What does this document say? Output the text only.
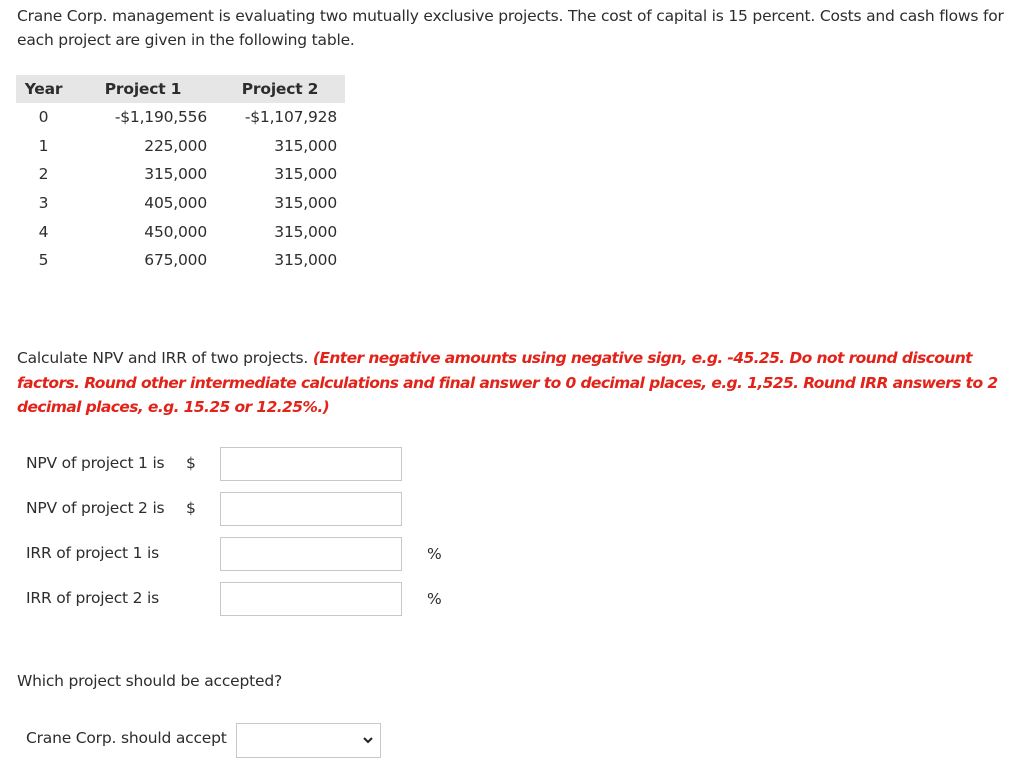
Crane Corp. management is evaluating two mutually exclusive projects. The cost of capital is 15 percent. Costs and cash flows for each project are given in the following table.
Year	Project 1	Project 2
0	-$1,190,556	-$1,107,928
1	225,000	315,000
2	315,000	315,000
3	405,000	315,000
4	450,000	315,000
5	675,000	315,000
Calculate NPV and IRR of two projects. (Enter negative amounts using negative sign, e.g. -45.25. Do not round discount factors. Round other intermediate calculations and final answer to 0 decimal places, e.g. 1,525. Round IRR answers to 2 decimal places, e.g. 15.25 or 12.25%.)
NPV of project 1 is $
NPV of project 2 is $
IRR of project 1 is	%
IRR of project 2 is	%
Which project should be accepted?
Crane Corp. should accept
